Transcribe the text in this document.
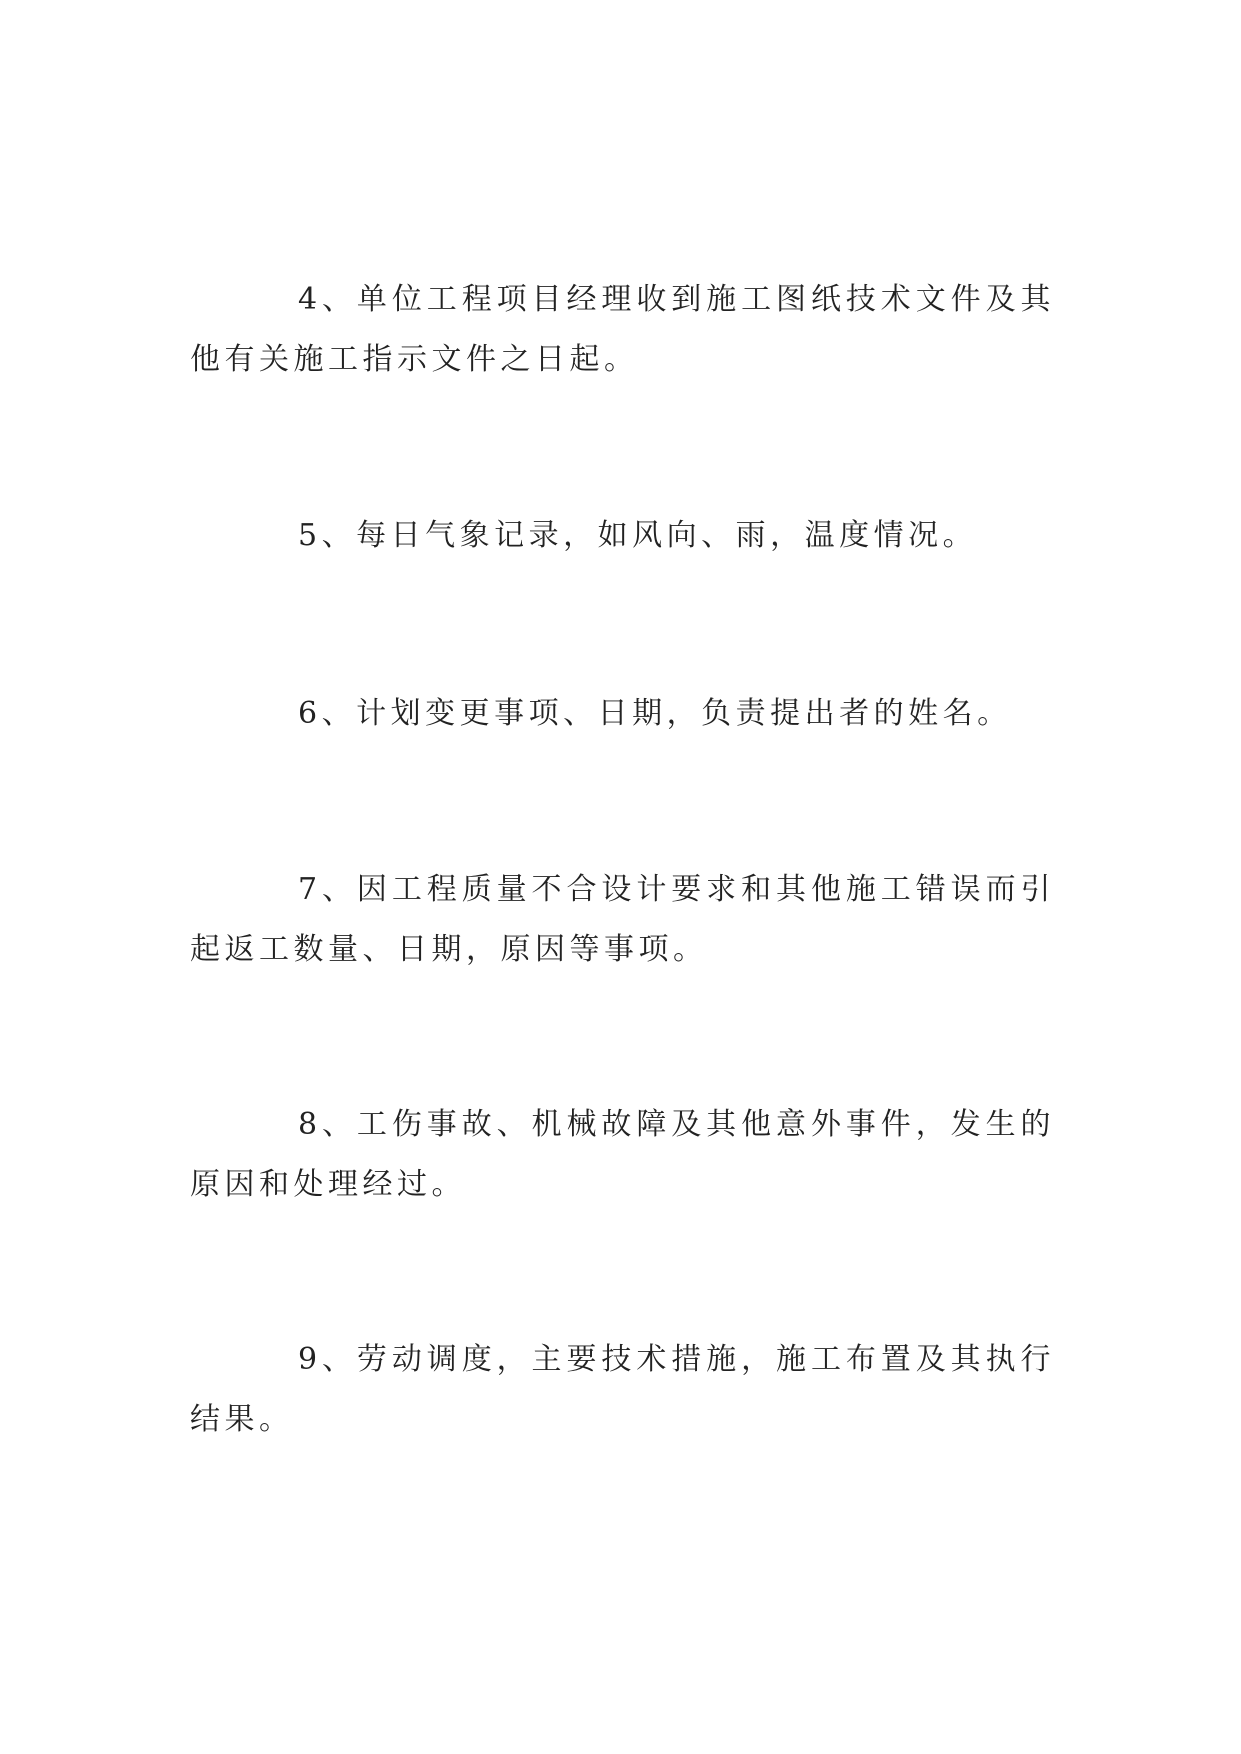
4、单位工程项目经理收到施工图纸技术文件及其他有关施工指示文件之日起。

5、每日气象记录，如风向、雨，温度情况。

6、计划变更事项、日期，负责提出者的姓名。

7、因工程质量不合设计要求和其他施工错误而引起返工数量、日期，原因等事项。

8、工伤事故、机械故障及其他意外事件，发生的原因和处理经过。

9、劳动调度，主要技术措施，施工布置及其执行结果。
